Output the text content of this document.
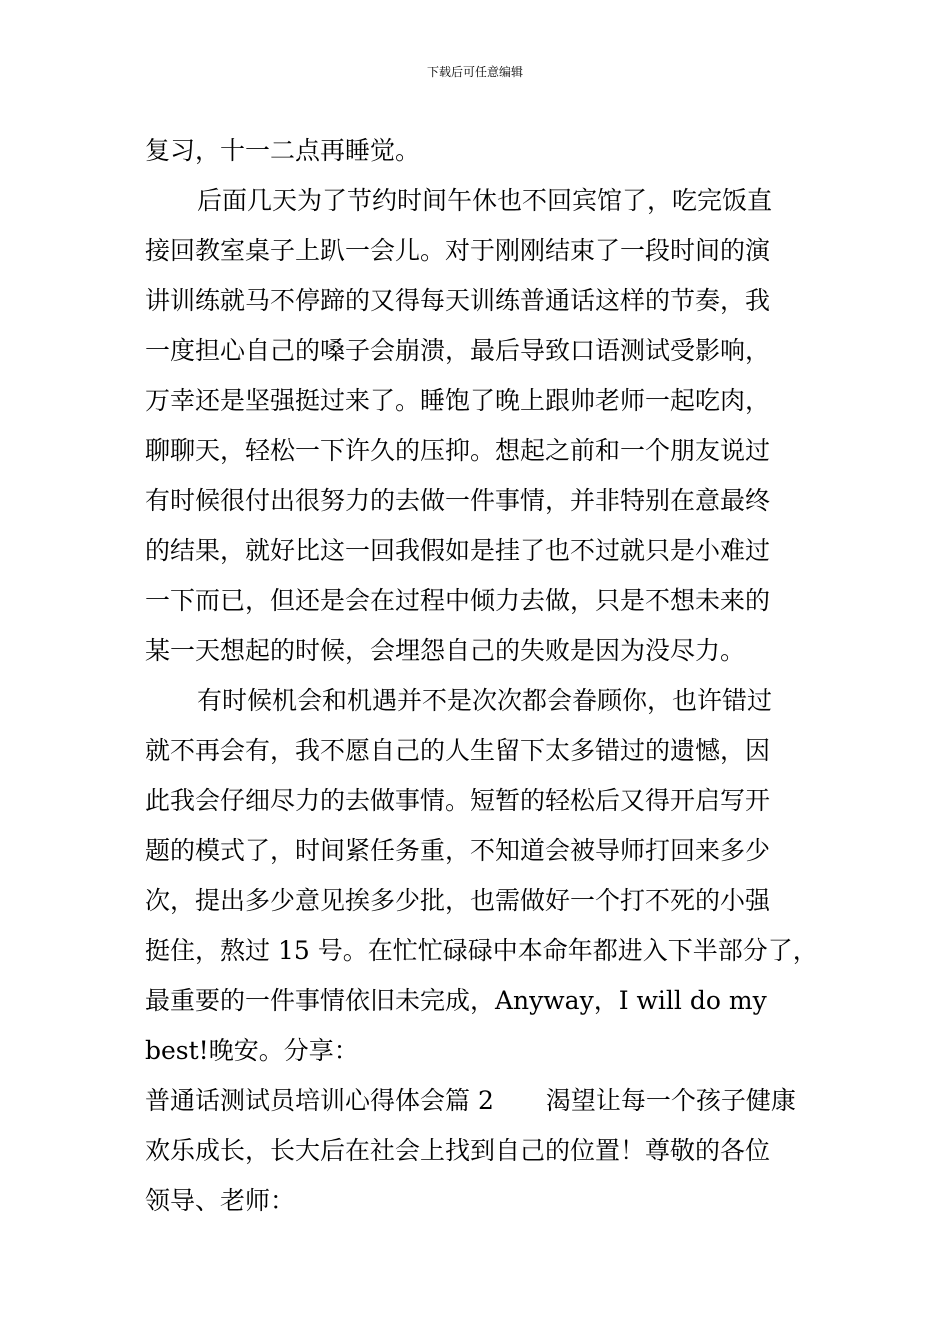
下载后可任意编辑
复习，十一二点再睡觉。
后面几天为了节约时间午休也不回宾馆了，吃完饭直
接回教室桌子上趴一会儿。对于刚刚结束了一段时间的演
讲训练就马不停蹄的又得每天训练普通话这样的节奏，我
一度担心自己的嗓子会崩溃，最后导致口语测试受影响，
万幸还是坚强挺过来了。睡饱了晚上跟帅老师一起吃肉，
聊聊天，轻松一下许久的压抑。想起之前和一个朋友说过
有时候很付出很努力的去做一件事情，并非特别在意最终
的结果，就好比这一回我假如是挂了也不过就只是小难过
一下而已，但还是会在过程中倾力去做，只是不想未来的
某一天想起的时候，会埋怨自己的失败是因为没尽力。
有时候机会和机遇并不是次次都会眷顾你，也许错过
就不再会有，我不愿自己的人生留下太多错过的遗憾，因
此我会仔细尽力的去做事情。短暂的轻松后又得开启写开
题的模式了，时间紧任务重，不知道会被导师打回来多少
次，提出多少意见挨多少批，也需做好一个打不死的小强
挺住，熬过 15 号。在忙忙碌碌中本命年都进入下半部分了，
最重要的一件事情依旧未完成，Anyway，I will do my
best!晚安。分享：
普通话测试员培训心得体会篇 2 渴望让每一个孩子健康
欢乐成长，长大后在社会上找到自己的位置！尊敬的各位
领导、老师：
